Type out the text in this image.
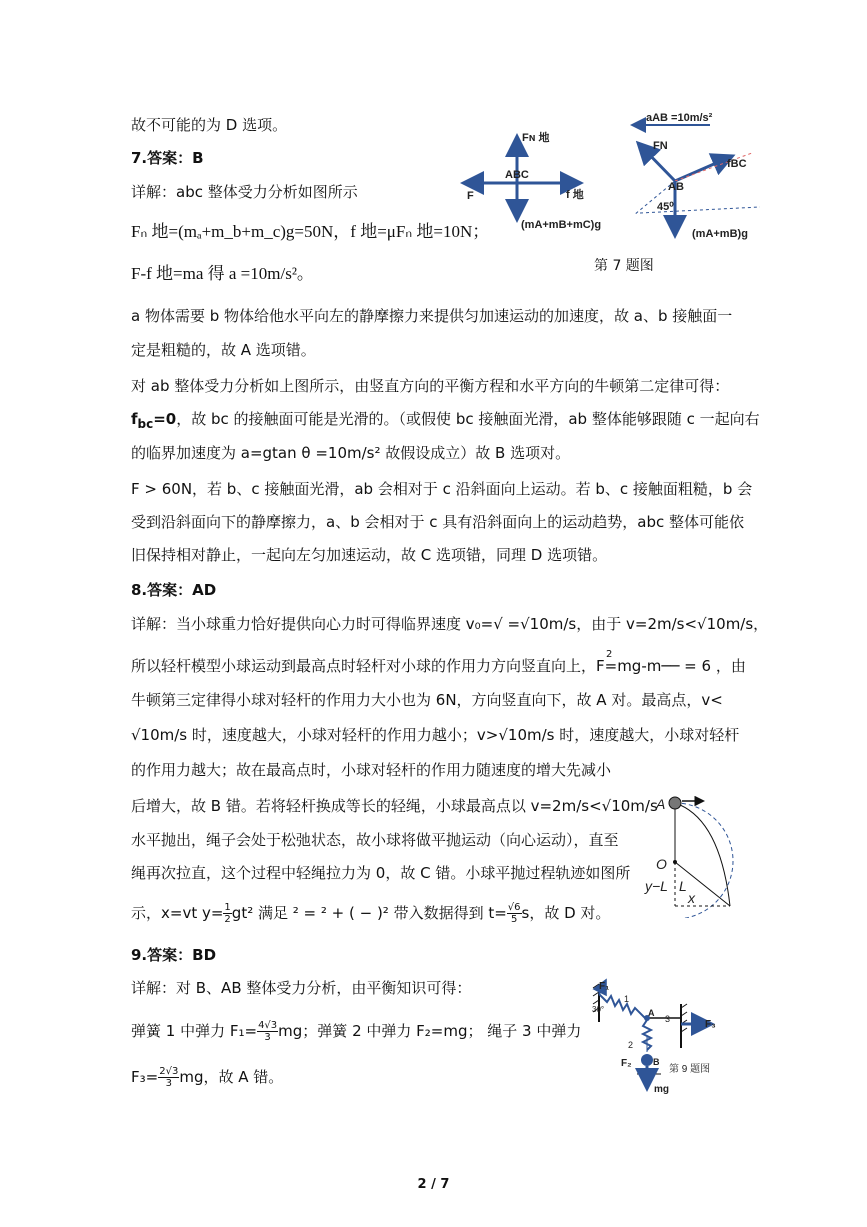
故不可能的为 D 选项。
7.答案：B
详解：abc 整体受力分析如图所示
Fₙ 地=(mₐ+m_b+m_c)g=50N，f 地=μFₙ 地=10N；
F-f 地=ma 得 a =10m/s²。
a 物体需要 b 物体给他水平向左的静摩擦力来提供匀加速运动的加速度，故 a、b 接触面一
定是粗糙的，故 A 选项错。
对 ab 整体受力分析如上图所示，由竖直方向的平衡方程和水平方向的牛顿第二定律可得：
$f_{bc}=0$，故 bc 的接触面可能是光滑的。（或假使 bc 接触面光滑，ab 整体能够跟随 c 一起向右
的临界加速度为 a=gtan θ =10m/s² 故假设成立）故 B 选项对。
F > 60N，若 b、c 接触面光滑，ab 会相对于 c 沿斜面向上运动。若 b、c 接触面粗糙，b 会
受到沿斜面向下的静摩擦力，a、b 会相对于 c 具有沿斜面向上的运动趋势，abc 整体可能依
旧保持相对静止，一起向左匀加速运动，故 C 选项错，同理 D 选项错。
8.答案：AD
详解：当小球重力恰好提供向心力时可得临界速度 v₀=√ =√10m/s，由于 v=2m/s<√10m/s，
所以轻杆模型小球运动到最高点时轻杆对小球的作用力方向竖直向上，F=mg-m── = 6 ，由
2
牛顿第三定律得小球对轻杆的作用力大小也为 6N，方向竖直向下，故 A 对。最高点，v<
√10m/s 时，速度越大，小球对轻杆的作用力越小；v>√10m/s 时，速度越大，小球对轻杆
的作用力越大；故在最高点时，小球对轻杆的作用力随速度的增大先减小
后增大，故 B 错。若将轻杆换成等长的轻绳，小球最高点以 v=2m/s<√10m/s
水平抛出，绳子会处于松弛状态，故小球将做平抛运动（向心运动），直至
绳再次拉直，这个过程中轻绳拉力为 0，故 C 错。小球平抛过程轨迹如图所
示，x=vt $y= \frac{1}{2} gt^2$ 满足 ² = ² + ( − )² 带入数据得到 $t= \frac{√6}{5}$ s，故 D 对。
9.答案：BD
详解：对 B、AB 整体受力分析，由平衡知识可得：
弹簧 1 中弹力 $F_1= \frac{4√3}{3}$ mg；弹簧 2 中弹力 F₂=mg； 绳子 3 中弹力
$F_3= \frac{2√3}{3}$ mg，故 A 错。
Fɴ 地
ABC
F	f 地
(mA+mB+mC)g
aAB =10m/s²
FN
fBC
AB
45⁰
(mA+mB)g
第 7 题图
A
O
y−L L
x
F₁
30°
1
A
3	F₃
2
F₂ B
第 9 题图
mg
2 / 7
